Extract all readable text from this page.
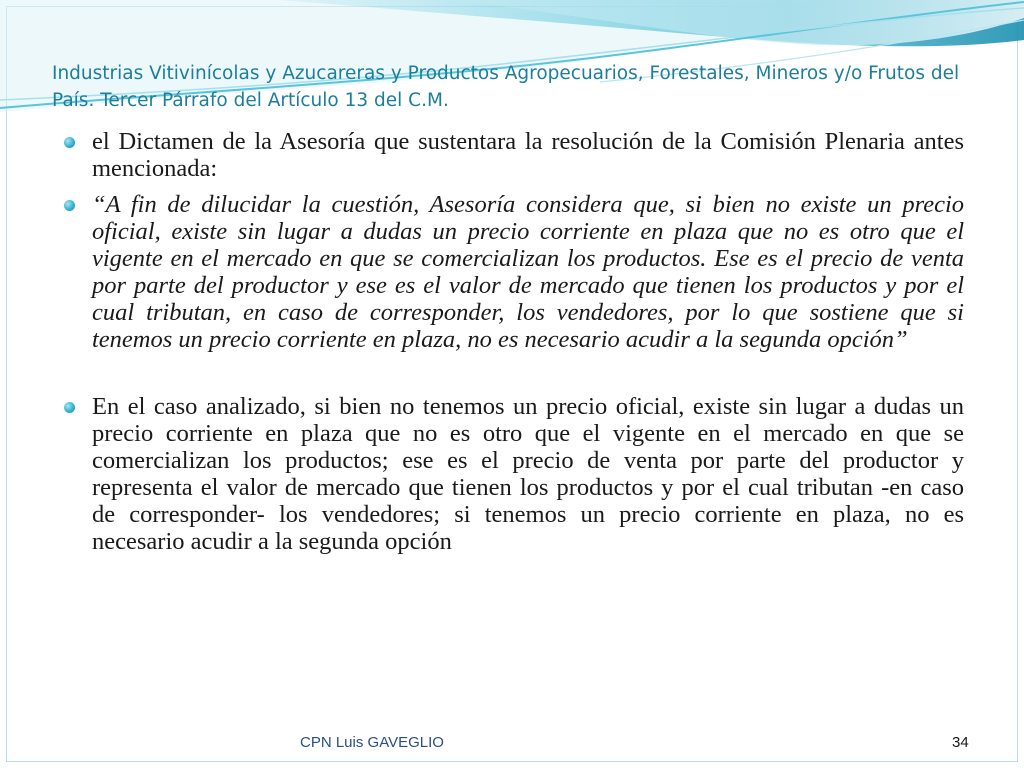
Industrias Vitivinícolas y Azucareras y Productos Agropecuarios, Forestales, Mineros y/o Frutos del País. Tercer Párrafo del Artículo 13 del C.M.

el Dictamen de la Asesoría que sustentara la resolución de la Comisión Plenaria antes mencionada:

“A fin de dilucidar la cuestión, Asesoría considera que, si bien no existe un precio oficial, existe sin lugar a dudas un precio corriente en plaza que no es otro que el vigente en el mercado en que se comercializan los productos. Ese es el precio de venta por parte del productor y ese es el valor de mercado que tienen los productos y por el cual tributan, en caso de corresponder, los vendedores, por lo que sostiene que si tenemos un precio corriente en plaza, no es necesario acudir a la segunda opción”

En el caso analizado, si bien no tenemos un precio oficial, existe sin lugar a dudas un precio corriente en plaza que no es otro que el vigente en el mercado en que se comercializan los productos; ese es el precio de venta por parte del productor y representa el valor de mercado que tienen los productos y por el cual tributan -en caso de corresponder- los vendedores; si tenemos un precio corriente en plaza, no es necesario acudir a la segunda opción

CPN Luis GAVEGLIO	34
